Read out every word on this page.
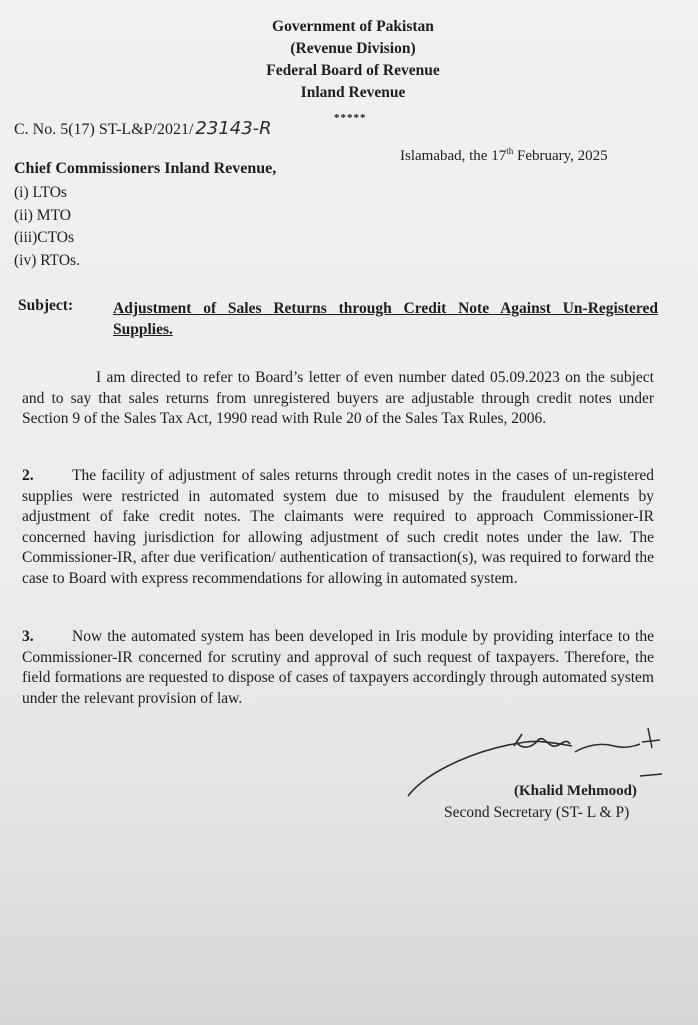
Government of Pakistan
(Revenue Division)
Federal Board of Revenue
Inland Revenue
*****
C. No. 5(17) ST-L&P/2021/ 23143-R
Islamabad, the 17th February, 2025
Chief Commissioners Inland Revenue,
(i) LTOs
(ii) MTO
(iii)CTOs
(iv) RTOs.
Subject:	Adjustment of Sales Returns through Credit Note Against Un-Registered Supplies.
I am directed to refer to Board’s letter of even number dated 05.09.2023 on the subject and to say that sales returns from unregistered buyers are adjustable through credit notes under Section 9 of the Sales Tax Act, 1990 read with Rule 20 of the Sales Tax Rules, 2006.
2. The facility of adjustment of sales returns through credit notes in the cases of un-registered supplies were restricted in automated system due to misused by the fraudulent elements by adjustment of fake credit notes. The claimants were required to approach Commissioner-IR concerned having jurisdiction for allowing adjustment of such credit notes under the law. The Commissioner-IR, after due verification/ authentication of transaction(s), was required to forward the case to Board with express recommendations for allowing in automated system.
3. Now the automated system has been developed in Iris module by providing interface to the Commissioner-IR concerned for scrutiny and approval of such request of taxpayers. Therefore, the field formations are requested to dispose of cases of taxpayers accordingly through automated system under the relevant provision of law.
(Khalid Mehmood)
Second Secretary (ST- L & P)
